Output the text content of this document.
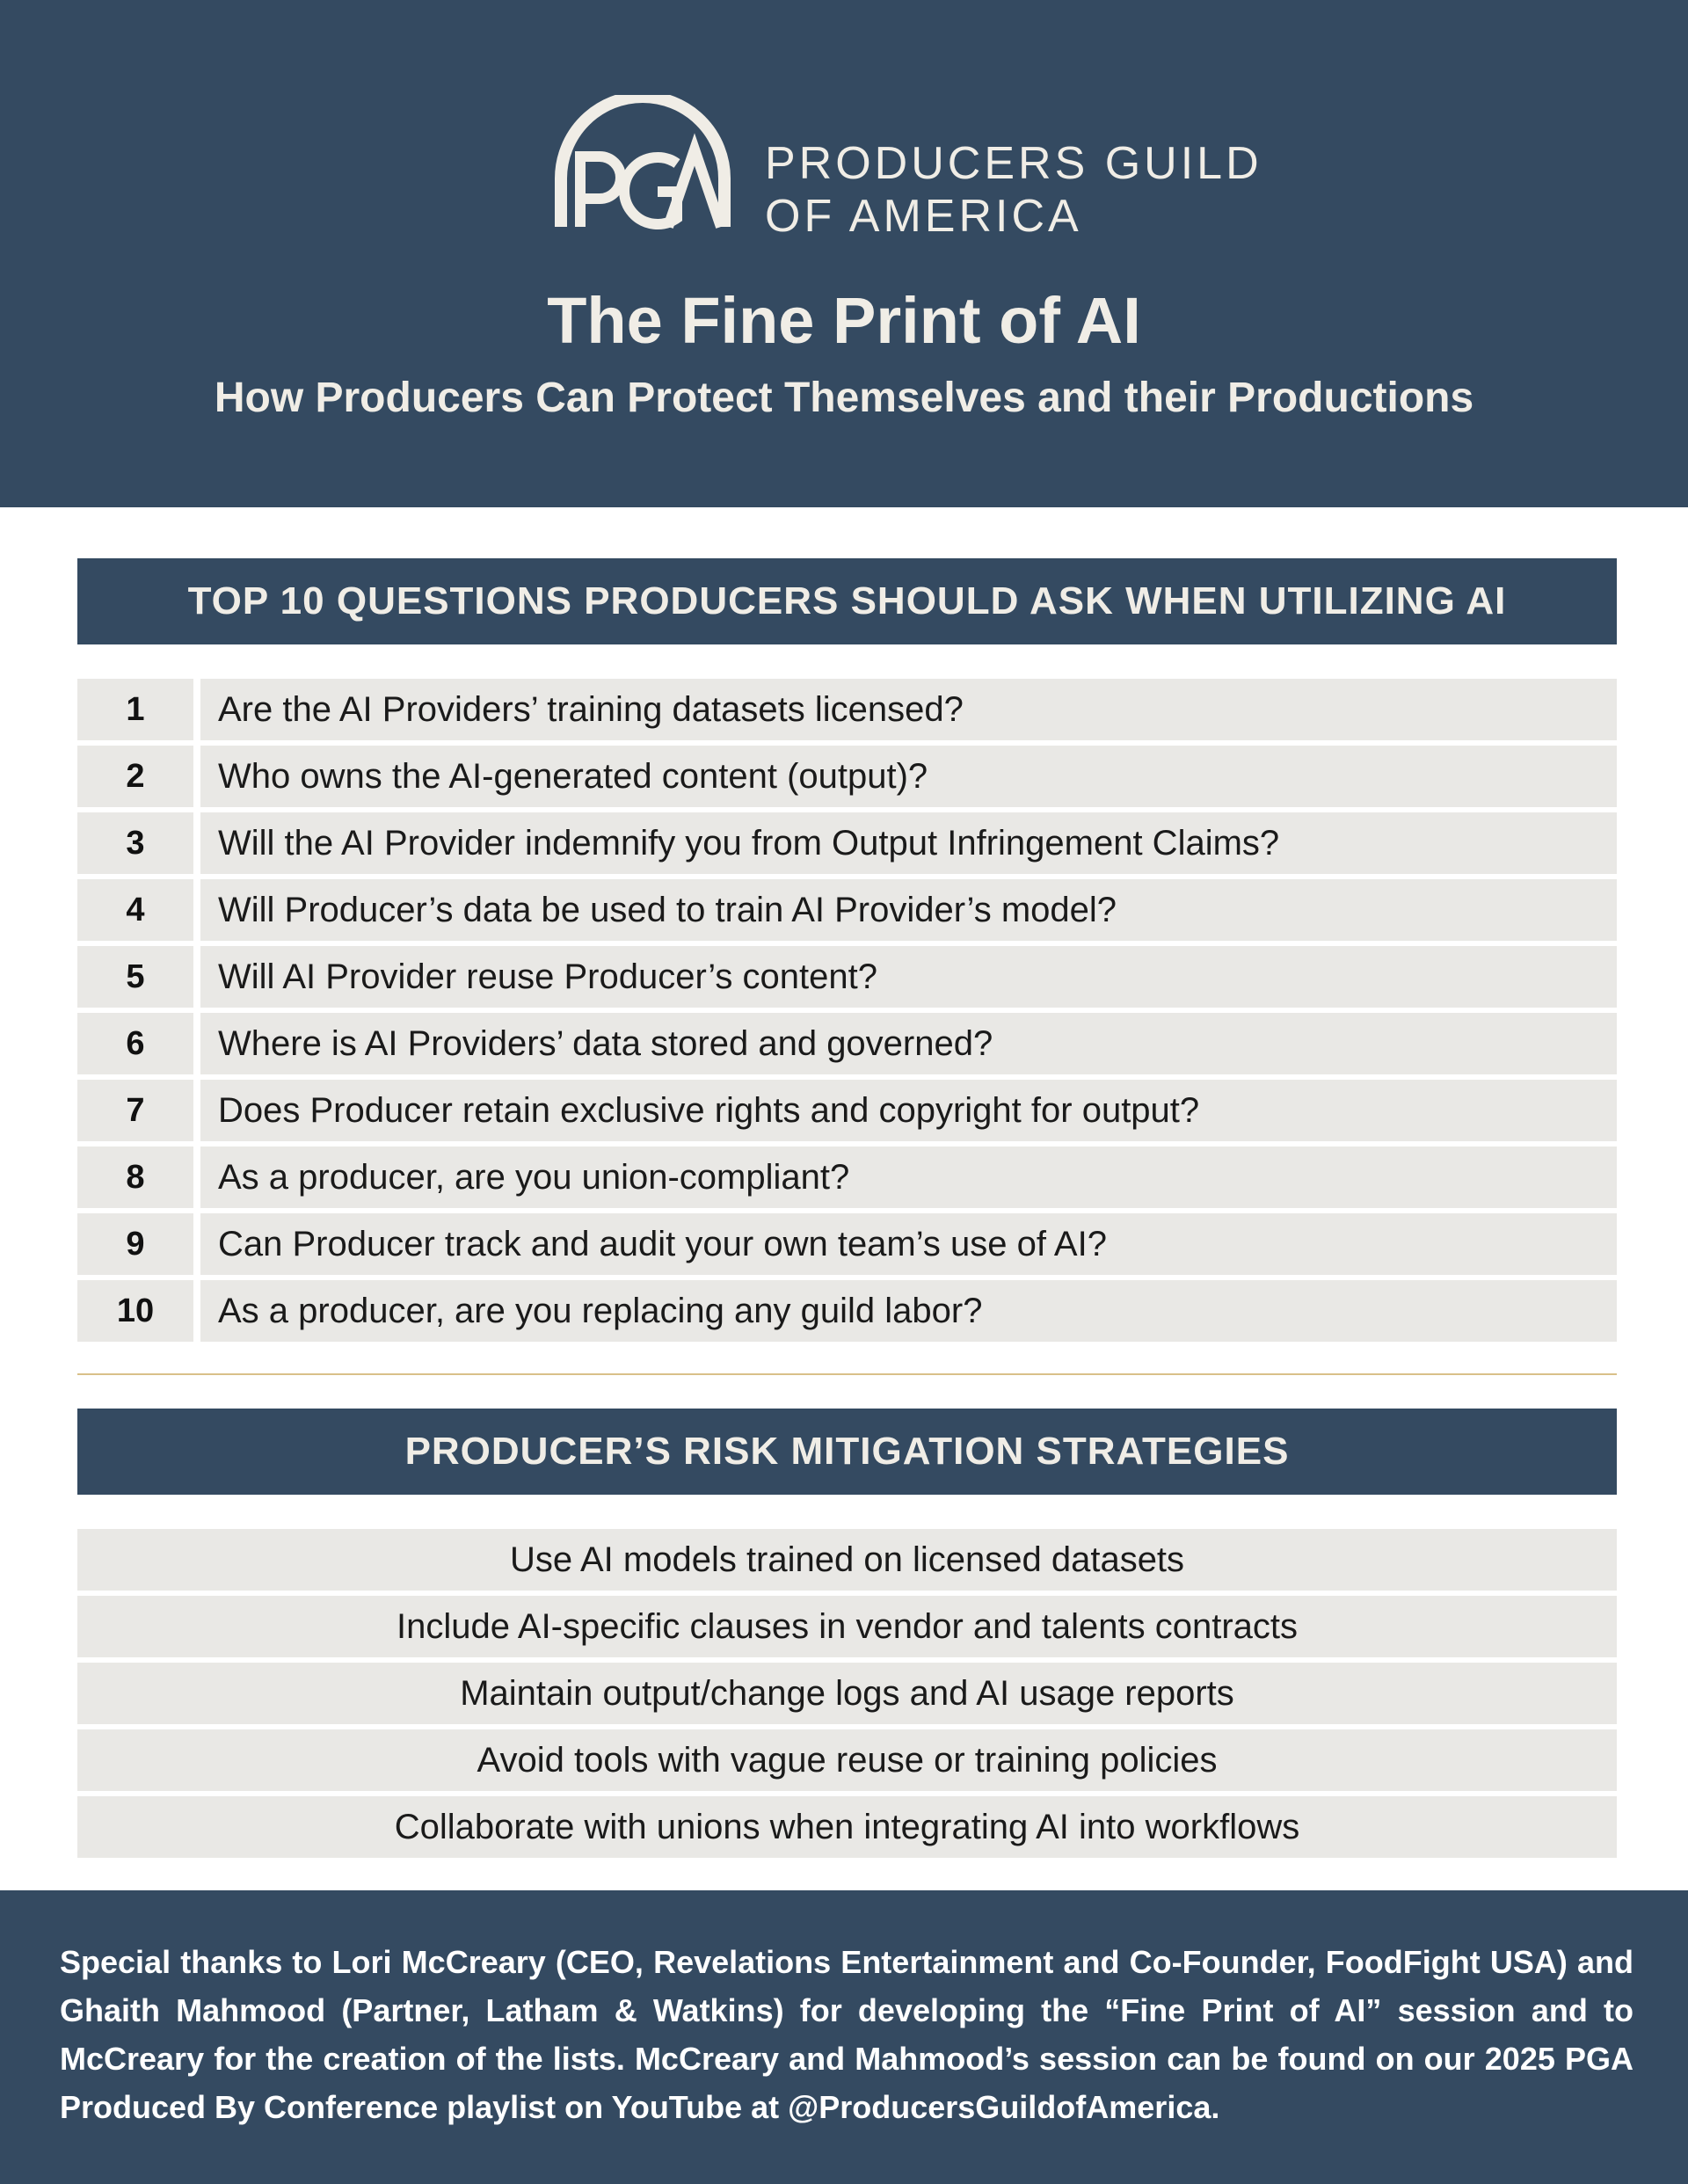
PRODUCERS GUILD
OF AMERICA
The Fine Print of AI
How Producers Can Protect Themselves and their Productions
TOP 10 QUESTIONS PRODUCERS SHOULD ASK WHEN UTILIZING AI
1	Are the AI Providers’ training datasets licensed?
2	Who owns the AI-generated content (output)?
3	Will the AI Provider indemnify you from Output Infringement Claims?
4	Will Producer’s data be used to train AI Provider’s model?
5	Will AI Provider reuse Producer’s content?
6	Where is AI Providers’ data stored and governed?
7	Does Producer retain exclusive rights and copyright for output?
8	As a producer, are you union-compliant?
9	Can Producer track and audit your own team’s use of AI?
10	As a producer, are you replacing any guild labor?
PRODUCER’S RISK MITIGATION STRATEGIES
Use AI models trained on licensed datasets
Include AI-specific clauses in vendor and talents contracts
Maintain output/change logs and AI usage reports
Avoid tools with vague reuse or training policies
Collaborate with unions when integrating AI into workflows
Special thanks to Lori McCreary (CEO, Revelations Entertainment and Co-Founder, FoodFight USA) and Ghaith Mahmood (Partner, Latham & Watkins) for developing the “Fine Print of AI” session and to McCreary for the creation of the lists. McCreary and Mahmood’s session can be found on our 2025 PGA Produced By Conference playlist on YouTube at @ProducersGuildofAmerica.
